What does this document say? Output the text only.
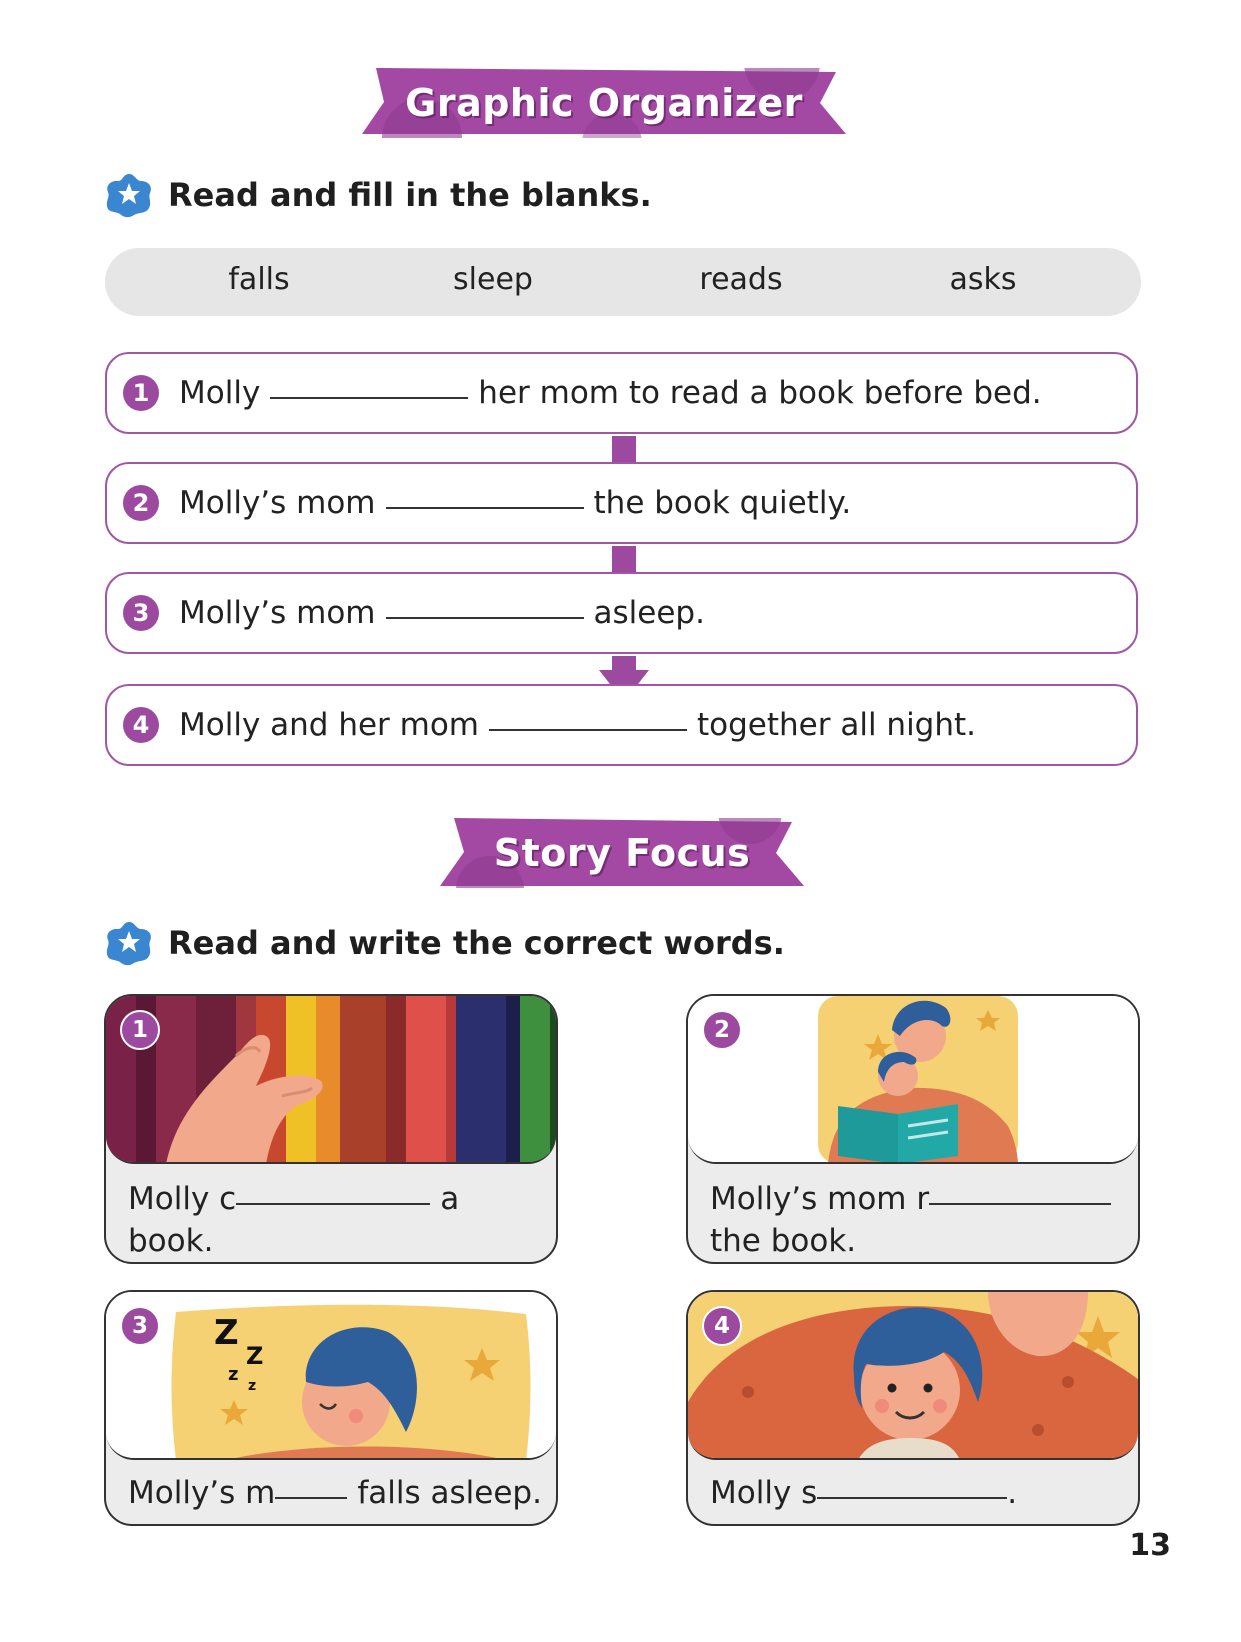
Graphic Organizer
Read and fill in the blanks.
falls	sleep	reads	asks
1 Molly	her mom to read a book before bed.
2 Molly’s mom	the book quietly.
3 Molly’s mom	asleep.
4 Molly and her mom	together all night.
Story Focus
Read and write the correct words.
1
Molly c	a
book.
2
Molly’s mom r
the book.
3	Z
Z
z
z
Molly’s m	falls asleep.
4
Molly s	.
13
